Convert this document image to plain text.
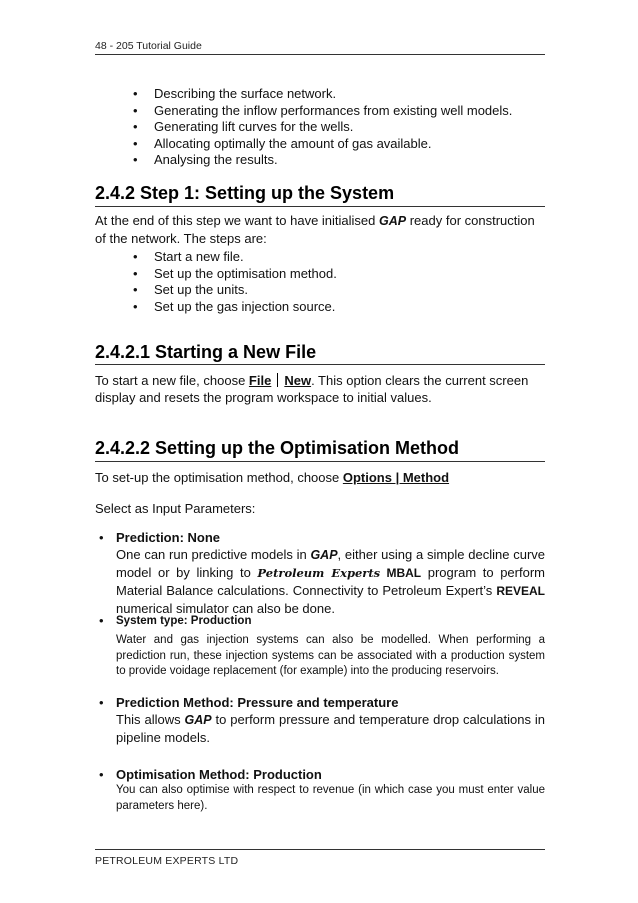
48 - 205 Tutorial Guide
• Describing the surface network.
• Generating the inflow performances from existing well models.
• Generating lift curves for the wells.
• Allocating optimally the amount of gas available.
• Analysing the results.
2.4.2 Step 1: Setting up the System

At the end of this step we want to have initialised GAP ready for construction of the network. The steps are:

• Start a new file.
• Set up the optimisation method.
• Set up the units.
• Set up the gas injection source.
2.4.2.1 Starting a New File

To start a new file, choose File New. This option clears the current screen display and resets the program workspace to initial values.

2.4.2.2 Setting up the Optimisation Method

To set-up the optimisation method, choose Options | Method

Select as Input Parameters:

• Prediction: None
One can run predictive models in GAP, either using a simple decline curve model or by linking to Petroleum Experts MBAL program to perform Material Balance calculations. Connectivity to Petroleum Expert’s REVEAL numerical simulator can also be done.
• System type: Production
Water and gas injection systems can also be modelled. When performing a prediction run, these injection systems can be associated with a production system to provide voidage replacement (for example) into the producing reservoirs.
• Prediction Method: Pressure and temperature
This allows GAP to perform pressure and temperature drop calculations in pipeline models.
• Optimisation Method: Production
You can also optimise with respect to revenue (in which case you must enter value parameters here).
PETROLEUM EXPERTS LTD
